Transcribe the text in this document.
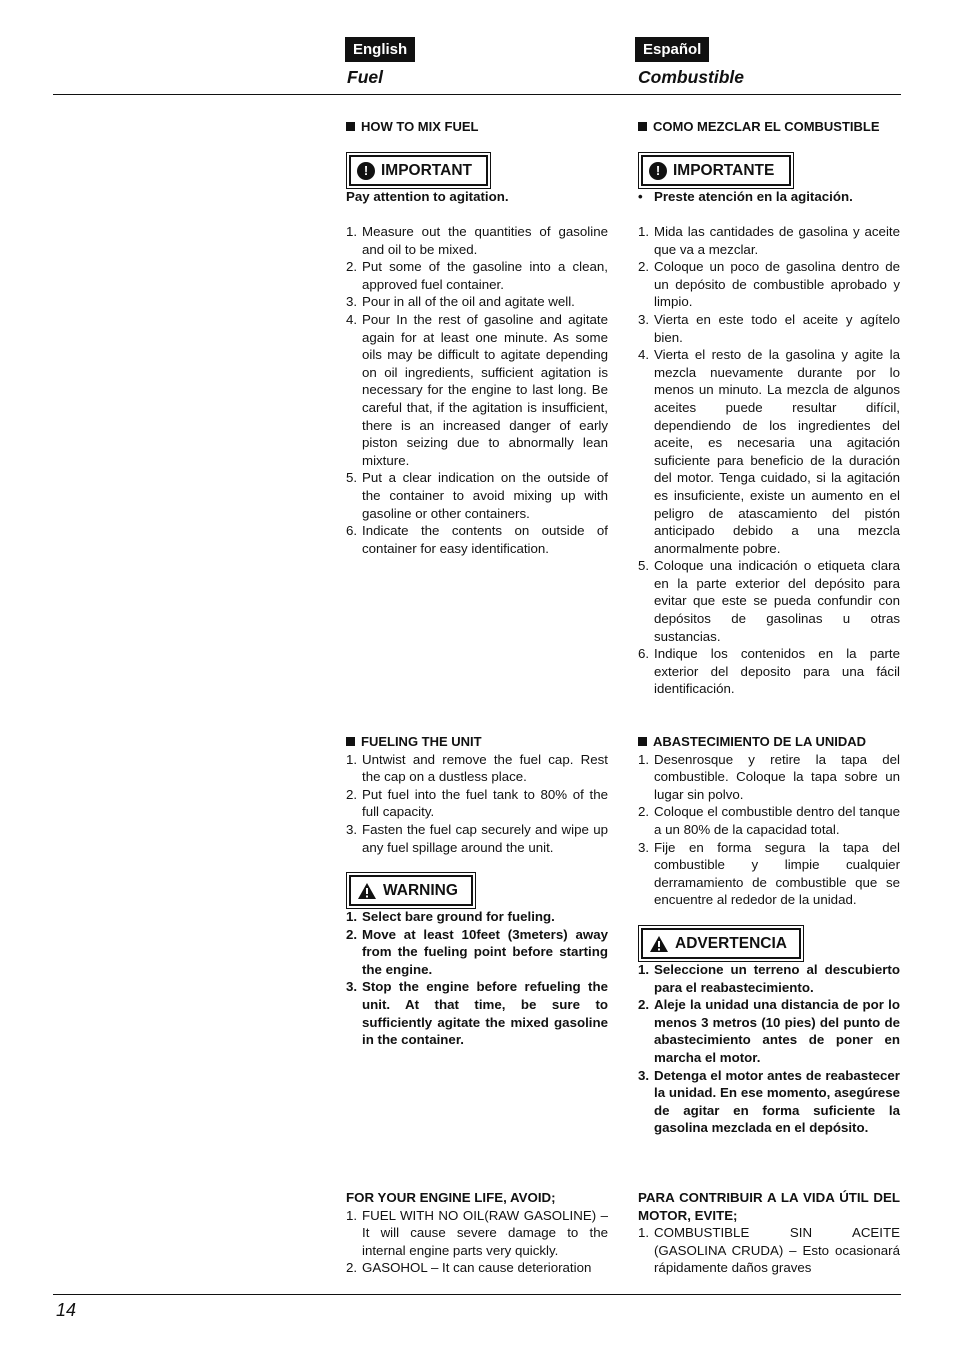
English	Español
Fuel	Combustible
HOW TO MIX FUEL
! IMPORTANT
Pay attention to agitation.
1. Measure out the quantities of gasoline and oil to be mixed.
2. Put some of the gasoline into a clean, approved fuel container.
3. Pour in all of the oil and agitate well.
4. Pour In the rest of gasoline and agitate again for at least one minute. As some oils may be difficult to agitate depending on oil ingredients, sufficient agitation is necessary for the engine to last long. Be careful that, if the agitation is insufficient, there is an increased danger of early piston seizing due to abnormally lean mixture.
5. Put a clear indication on the outside of the container to avoid mixing up with gasoline or other containers.
6. Indicate the contents on outside of container for easy identification.
FUELING THE UNIT
1. Untwist and remove the fuel cap. Rest the cap on a dustless place.
2. Put fuel into the fuel tank to 80% of the full capacity.
3. Fasten the fuel cap securely and wipe up any fuel spillage around the unit.
WARNING
1. Select bare ground for fueling.
2. Move at least 10feet (3meters) away from the fueling point before starting the engine.
3. Stop the engine before refueling the unit. At that time, be sure to sufficiently agitate the mixed gasoline in the container.
FOR YOUR ENGINE LIFE, AVOID;
1. FUEL WITH NO OIL(RAW GASOLINE) – It will cause severe damage to the internal engine parts very quickly.
2. GASOHOL – It can cause deterioration
COMO MEZCLAR EL COMBUSTIBLE
! IMPORTANTE
• Preste atención en la agitación.
1. Mida las cantidades de gasolina y aceite que va a mezclar.
2. Coloque un poco de gasolina dentro de un depósito de combustible aprobado y limpio.
3. Vierta en este todo el aceite y agítelo bien.
4. Vierta el resto de la gasolina y agite la mezcla nuevamente durante por lo menos un minuto. La mezcla de algunos aceites puede resultar difícil, dependiendo de los ingredientes del aceite, es necesaria una agitación suficiente para beneficio de la duración del motor. Tenga cuidado, si la agitación es insuficiente, existe un aumento en el peligro de atascamiento del pistón anticipado debido a una mezcla anormalmente pobre.
5. Coloque una indicación o etiqueta clara en la parte exterior del depósito para evitar que este se pueda confundir con depósitos de gasolinas u otras sustancias.
6. Indique los contenidos en la parte exterior del deposito para una fácil identificación.
ABASTECIMIENTO DE LA UNIDAD
1. Desenrosque y retire la tapa del combustible. Coloque la tapa sobre un lugar sin polvo.
2. Coloque el combustible dentro del tanque a un 80% de la capacidad total.
3. Fije en forma segura la tapa del combustible y limpie cualquier derramamiento de combustible que se encuentre al rededor de la unidad.
ADVERTENCIA
1. Seleccione un terreno al descubierto para el reabastecimiento.
2. Aleje la unidad una distancia de por lo menos 3 metros (10 pies) del punto de abastecimiento antes de poner en marcha el motor.
3. Detenga el motor antes de reabastecer la unidad. En ese momento, asegúrese de agitar en forma suficiente la gasolina mezclada en el depósito.
PARA CONTRIBUIR A LA VIDA ÚTIL DEL MOTOR, EVITE;
1. COMBUSTIBLE SIN ACEITE (GASOLINA CRUDA) – Esto ocasionará rápidamente daños graves
14
